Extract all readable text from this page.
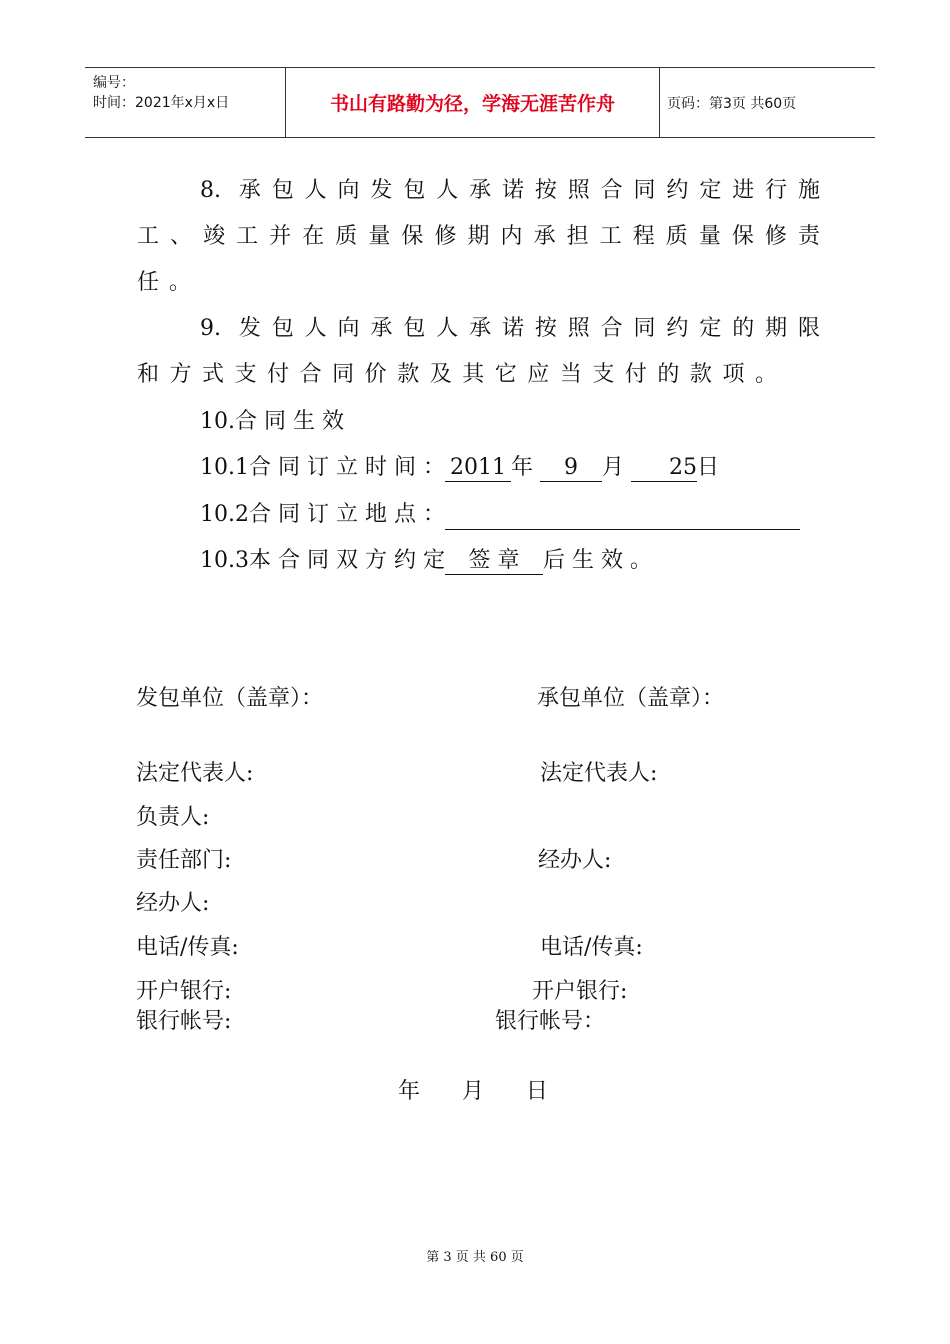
编号：
时间：2021年x月x日	书山有路勤为径，学海无涯苦作舟	页码：第3页 共60页
8. 承包人向发包人承诺按照合同约定进行施
工、竣工并在质量保修期内承担工程质量保修责
任。
9. 发包人向承包人承诺按照合同约定的期限
和方式支付合同价款及其它应当支付的款项。
10.合 同 生 效
10.1合 同 订 立 时 间 ： 2011 年 9 月 25日
10.2合 同 订 立 地 点 ：
10.3本 合 同 双 方 约 定 签 章 后 生 效 。
发包单位（盖章）：
法定代表人:
负责人:
责任部门:
经办人:
电话/传真:
开户银行:
银行帐号:
承包单位（盖章）：
法定代表人:
经办人:
电话/传真:
开户银行:
银行帐号：
年      月      日
第 3 页 共 60 页
